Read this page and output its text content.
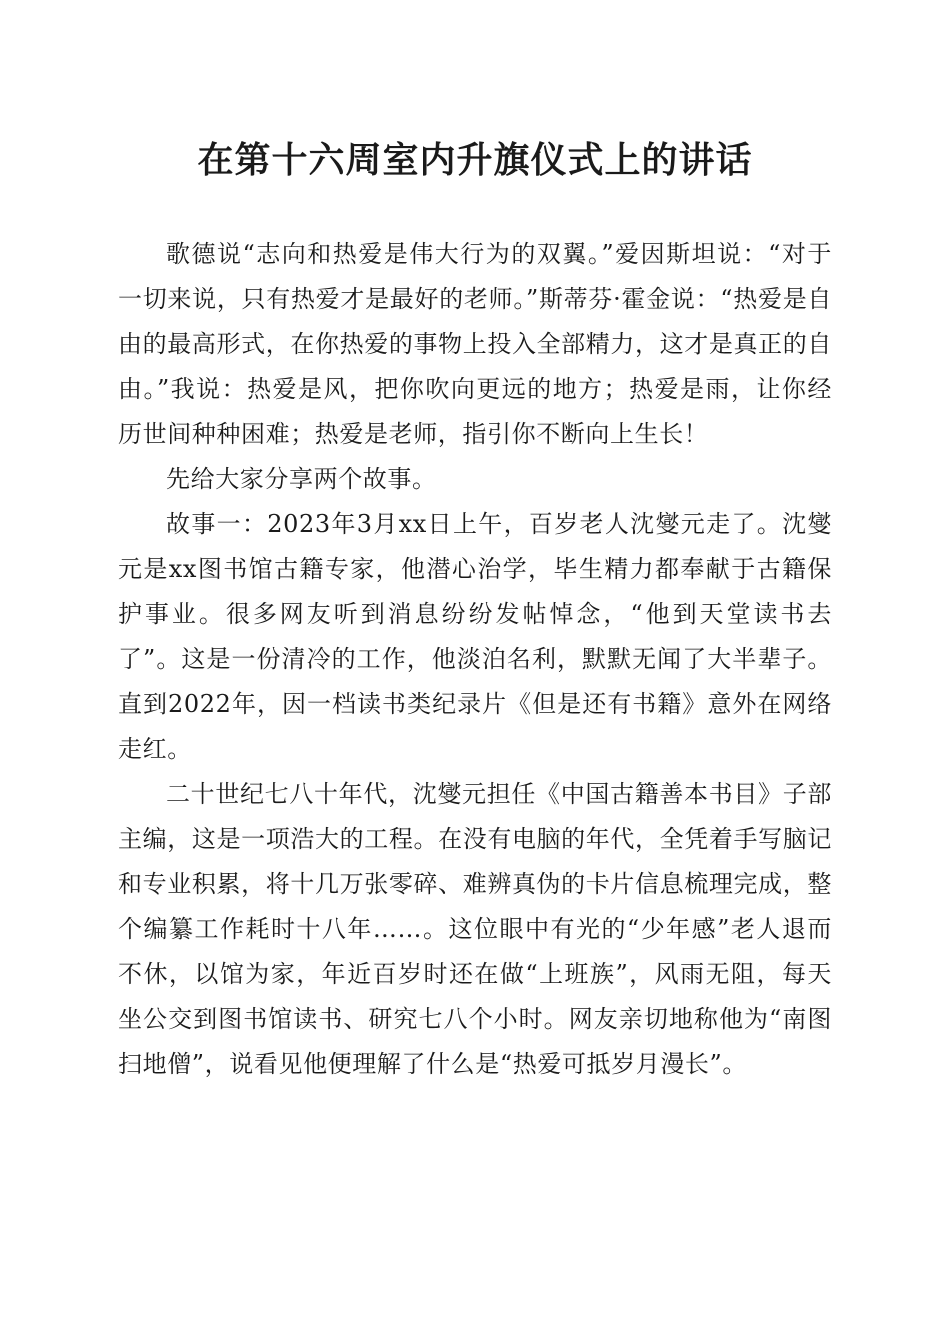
在第十六周室内升旗仪式上的讲话

歌德说“志向和热爱是伟大行为的双翼。”爱因斯坦说：“对于一切来说，只有热爱才是最好的老师。”斯蒂芬·霍金说：“热爱是自由的最高形式，在你热爱的事物上投入全部精力，这才是真正的自由。”我说：热爱是风，把你吹向更远的地方；热爱是雨，让你经历世间种种困难；热爱是老师，指引你不断向上生长！

先给大家分享两个故事。

故事一：2023年3月xx日上午，百岁老人沈燮元走了。沈燮元是xx图书馆古籍专家，他潜心治学，毕生精力都奉献于古籍保护事业。很多网友听到消息纷纷发帖悼念，“他到天堂读书去了”。这是一份清冷的工作，他淡泊名利，默默无闻了大半辈子。直到2022年，因一档读书类纪录片《但是还有书籍》意外在网络走红。

二十世纪七八十年代，沈燮元担任《中国古籍善本书目》子部主编，这是一项浩大的工程。在没有电脑的年代，全凭着手写脑记和专业积累，将十几万张零碎、难辨真伪的卡片信息梳理完成，整个编纂工作耗时十八年……。这位眼中有光的“少年感”老人退而不休，以馆为家，年近百岁时还在做“上班族”，风雨无阻，每天坐公交到图书馆读书、研究七八个小时。网友亲切地称他为“南图扫地僧”，说看见他便理解了什么是“热爱可抵岁月漫长”。
